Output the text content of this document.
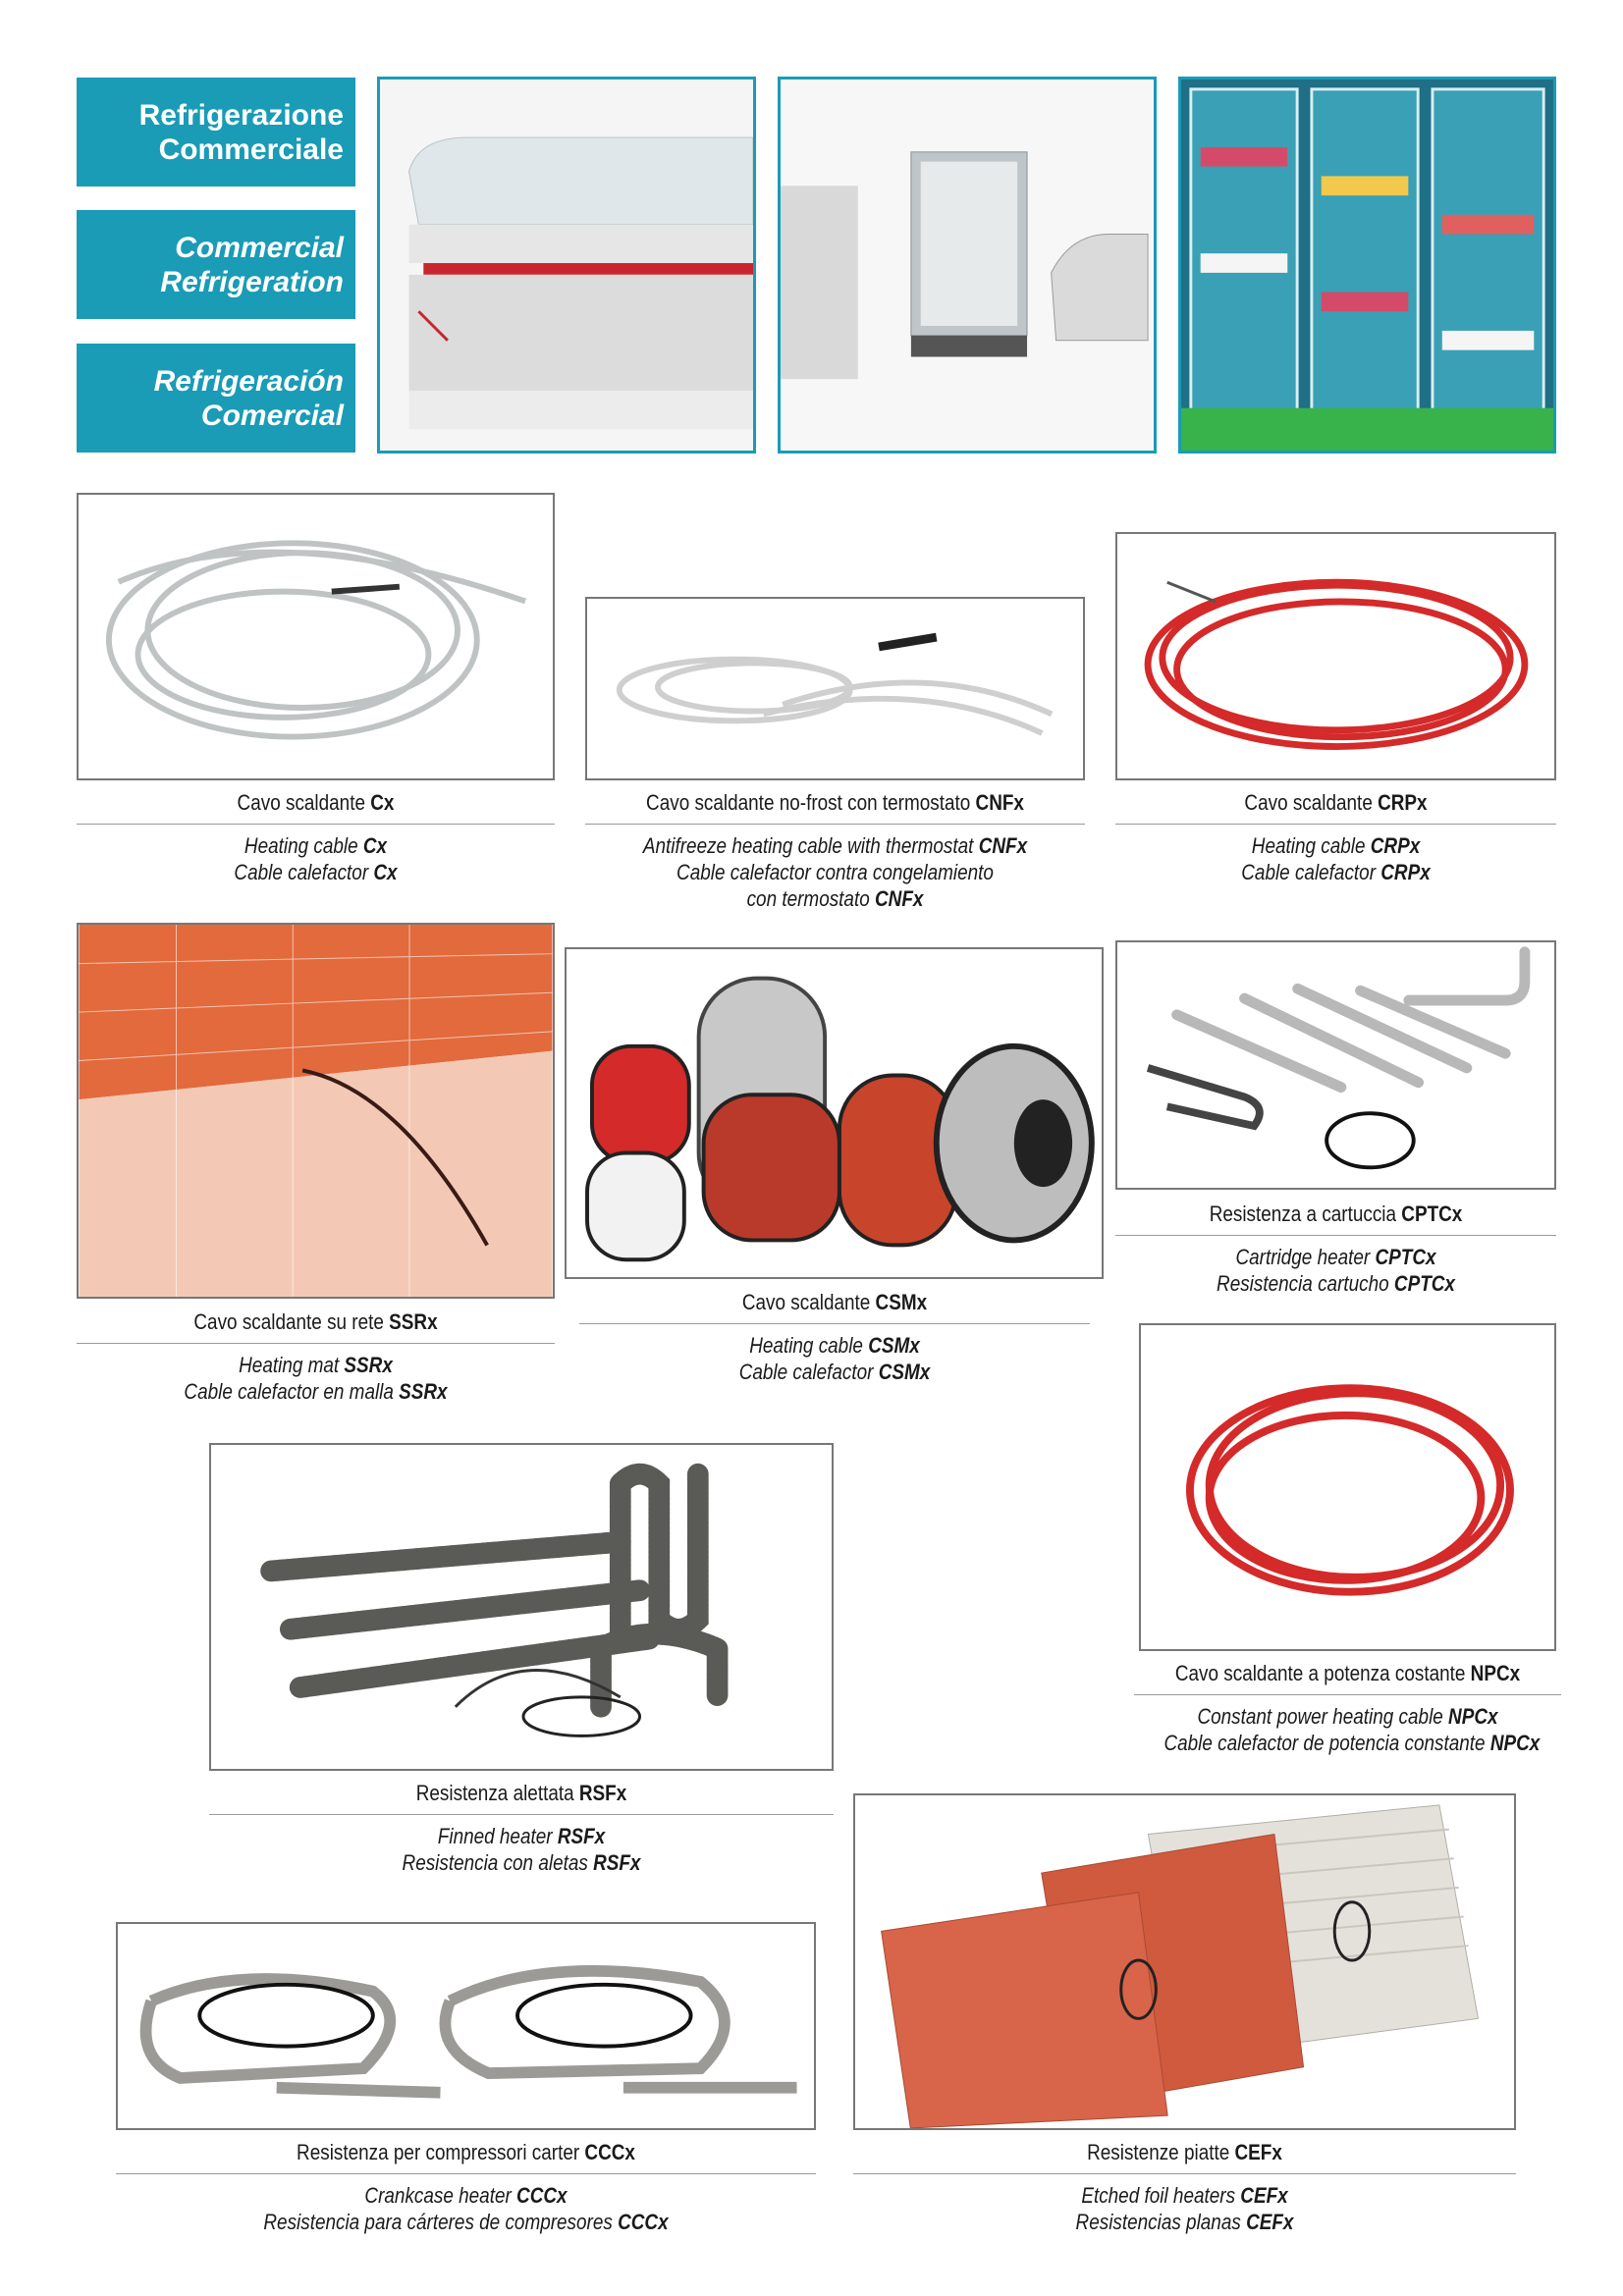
Refrigerazione
Commerciale
Commercial
Refrigeration
Refrigeración
Comercial
Cavo scaldante Cx
Heating cable Cx
Cable calefactor Cx
Cavo scaldante no-frost con termostato CNFx
Antifreeze heating cable with thermostat CNFx
Cable calefactor contra congelamiento
con termostato CNFx
Cavo scaldante CRPx
Heating cable CRPx
Cable calefactor CRPx
Cavo scaldante su rete SSRx
Heating mat SSRx
Cable calefactor en malla SSRx
Cavo scaldante CSMx
Heating cable CSMx
Cable calefactor CSMx
Resistenza a cartuccia CPTCx
Cartridge heater CPTCx
Resistencia cartucho CPTCx
Cavo scaldante a potenza costante NPCx
Constant power heating cable NPCx
Cable calefactor de potencia constante NPCx
Resistenza alettata RSFx
Finned heater RSFx
Resistencia con aletas RSFx
Resistenza per compressori carter CCCx
Crankcase heater CCCx
Resistencia para cárteres de compresores CCCx
Resistenze piatte CEFx
Etched foil heaters CEFx
Resistencias planas CEFx
